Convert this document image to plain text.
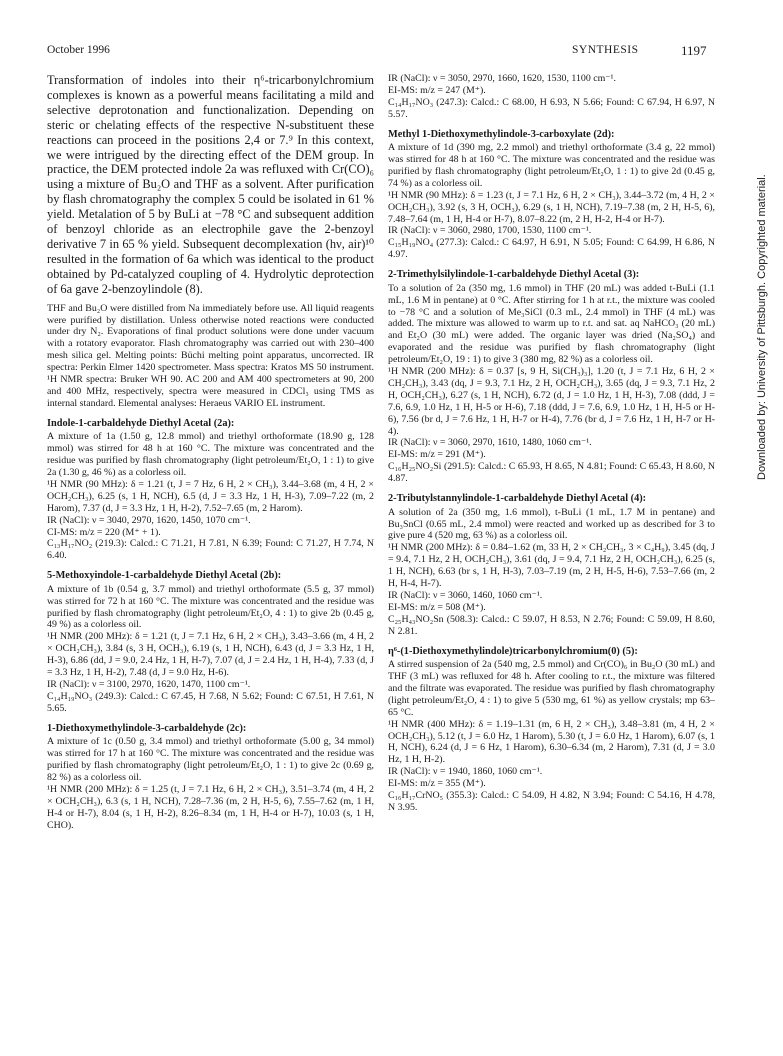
October 1996	SYNTHESIS	1197
Downloaded by: University of Pittsburgh. Copyrighted material.

Transformation of indoles into their η⁶-tricarbonylchromium complexes is known as a powerful means facilitating a mild and selective deprotonation and functionalization. Depending on steric or chelating effects of the respective N-substituent these reactions can proceed in the positions 2,4 or 7.⁹ In this context, we were intrigued by the directing effect of the DEM group. In practice, the DEM protected indole 2a was refluxed with Cr(CO)₆ using a mixture of Bu₂O and THF as a solvent. After purification by flash chromatography the complex 5 could be isolated in 61 % yield. Metalation of 5 by BuLi at −78 °C and subsequent addition of benzoyl chloride as an electrophile gave the 2-benzoyl derivative 7 in 65 % yield. Subsequent decomplexation (hν, air)¹⁰ resulted in the formation of 6a which was identical to the product obtained by Pd-catalyzed coupling of 4. Hydrolytic deprotection of 6a gave 2-benzoylindole (8).

THF and Bu₂O were distilled from Na immediately before use. All liquid reagents were purified by distillation. Unless otherwise noted reactions were conducted under dry N₂. Evaporations of final product solutions were done under vacuum with a rotatory evaporator. Flash chromatography was carried out with 230–400 mesh silica gel. Melting points: Büchi melting point apparatus, uncorrected. IR spectra: Perkin Elmer 1420 spectrometer. Mass spectra: Kratos MS 50 instrument. ¹H NMR spectra: Bruker WH 90. AC 200 and AM 400 spectrometers at 90, 200 and 400 MHz, respectively, spectra were measured in CDCl₃ using TMS as internal standard. Elemental analyses: Heraeus VARIO EL instrument.

Indole-1-carbaldehyde Diethyl Acetal (2a):

A mixture of 1a (1.50 g, 12.8 mmol) and triethyl orthoformate (18.90 g, 128 mmol) was stirred for 48 h at 160 °C. The mixture was concentrated and the residue was purified by flash chromatography (light petroleum/Et₂O, 1 : 1) to give 2a (1.30 g, 46 %) as a colorless oil.

¹H NMR (90 MHz): δ = 1.21 (t, J = 7 Hz, 6 H, 2 × CH₃), 3.44–3.68 (m, 4 H, 2 × OCH₂CH₃), 6.25 (s, 1 H, NCH), 6.5 (d, J = 3.3 Hz, 1 H, H-3), 7.09–7.22 (m, 2 Harom), 7.37 (d, J = 3.3 Hz, 1 H, H-2), 7.52–7.65 (m, 2 Harom).

IR (NaCl): ν = 3040, 2970, 1620, 1450, 1070 cm⁻¹.

CI-MS: m/z = 220 (M⁺ + 1).

C₁₃H₁₇NO₂ (219.3): Calcd.: C 71.21, H 7.81, N 6.39; Found: C 71.27, H 7.74, N 6.40.

5-Methoxyindole-1-carbaldehyde Diethyl Acetal (2b):

A mixture of 1b (0.54 g, 3.7 mmol) and triethyl orthoformate (5.5 g, 37 mmol) was stirred for 72 h at 160 °C. The mixture was concentrated and the residue was purified by flash chromatography (light petroleum/Et₂O, 4 : 1) to give 2b (0.45 g, 49 %) as a colorless oil.

¹H NMR (200 MHz): δ = 1.21 (t, J = 7.1 Hz, 6 H, 2 × CH₃), 3.43–3.66 (m, 4 H, 2 × OCH₂CH₃), 3.84 (s, 3 H, OCH₃), 6.19 (s, 1 H, NCH), 6.43 (d, J = 3.3 Hz, 1 H, H-3), 6.86 (dd, J = 9.0, 2.4 Hz, 1 H, H-7), 7.07 (d, J = 2.4 Hz, 1 H, H-4), 7.33 (d, J = 3.3 Hz, 1 H, H-2), 7.48 (d, J = 9.0 Hz, H-6).

IR (NaCl): ν = 3100, 2970, 1620, 1470, 1100 cm⁻¹.

C₁₄H₁₉NO₃ (249.3): Calcd.: C 67.45, H 7.68, N 5.62; Found: C 67.51, H 7.61, N 5.65.

1-Diethoxymethylindole-3-carbaldehyde (2c):

A mixture of 1c (0.50 g, 3.4 mmol) and triethyl orthoformate (5.00 g, 34 mmol) was stirred for 17 h at 160 °C. The mixture was concentrated and the residue was purified by flash chromatography (light petroleum/Et₂O, 1 : 1) to give 2c (0.69 g, 82 %) as a colorless oil.

¹H NMR (200 MHz): δ = 1.25 (t, J = 7.1 Hz, 6 H, 2 × CH₃), 3.51–3.74 (m, 4 H, 2 × OCH₂CH₃), 6.3 (s, 1 H, NCH), 7.28–7.36 (m, 2 H, H-5, 6), 7.55–7.62 (m, 1 H, H-4 or H-7), 8.04 (s, 1 H, H-2), 8.26–8.34 (m, 1 H, H-4 or H-7), 10.03 (s, 1 H, CHO).

IR (NaCl): ν = 3050, 2970, 1660, 1620, 1530, 1100 cm⁻¹.

EI-MS: m/z = 247 (M⁺).

C₁₄H₁₇NO₃ (247.3): Calcd.: C 68.00, H 6.93, N 5.66; Found: C 67.94, H 6.97, N 5.57.

Methyl 1-Diethoxymethylindole-3-carboxylate (2d):

A mixture of 1d (390 mg, 2.2 mmol) and triethyl orthoformate (3.4 g, 22 mmol) was stirred for 48 h at 160 °C. The mixture was concentrated and the residue was purified by flash chromatography (light petroleum/Et₂O, 1 : 1) to give 2d (0.45 g, 74 %) as a colorless oil.

¹H NMR (90 MHz): δ = 1.23 (t, J = 7.1 Hz, 6 H, 2 × CH₃), 3.44–3.72 (m, 4 H, 2 × OCH₂CH₃), 3.92 (s, 3 H, OCH₃), 6.29 (s, 1 H, NCH), 7.19–7.38 (m, 2 H, H-5, 6), 7.48–7.64 (m, 1 H, H-4 or H-7), 8.07–8.22 (m, 2 H, H-2, H-4 or H-7).

IR (NaCl): ν = 3060, 2980, 1700, 1530, 1100 cm⁻¹.

C₁₅H₁₉NO₄ (277.3): Calcd.: C 64.97, H 6.91, N 5.05; Found: C 64.99, H 6.86, N 4.97.

2-Trimethylsilylindole-1-carbaldehyde Diethyl Acetal (3):

To a solution of 2a (350 mg, 1.6 mmol) in THF (20 mL) was added t-BuLi (1.1 mL, 1.6 M in pentane) at 0 °C. After stirring for 1 h at r.t., the mixture was cooled to −78 °C and a solution of Me₃SiCl (0.3 mL, 2.4 mmol) in THF (4 mL) was added. The mixture was allowed to warm up to r.t. and sat. aq NaHCO₃ (20 mL) and Et₂O (30 mL) were added. The organic layer was dried (Na₂SO₄) and evaporated and the residue was purified by flash chromatography (light petroleum/Et₂O, 19 : 1) to give 3 (380 mg, 82 %) as a colorless oil.

¹H NMR (200 MHz): δ = 0.37 [s, 9 H, Si(CH₃)₃], 1.20 (t, J = 7.1 Hz, 6 H, 2 × CH₂CH₃), 3.43 (dq, J = 9.3, 7.1 Hz, 2 H, OCH₂CH₃), 3.65 (dq, J = 9.3, 7.1 Hz, 2 H, OCH₂CH₃), 6.27 (s, 1 H, NCH), 6.72 (d, J = 1.0 Hz, 1 H, H-3), 7.08 (ddd, J = 7.6, 6.9, 1.0 Hz, 1 H, H-5 or H-6), 7.18 (ddd, J = 7.6, 6.9, 1.0 Hz, 1 H, H-5 or H-6), 7.56 (br d, J = 7.6 Hz, 1 H, H-7 or H-4), 7.76 (br d, J = 7.6 Hz, 1 H, H-7 or H-4).

IR (NaCl): ν = 3060, 2970, 1610, 1480, 1060 cm⁻¹.

EI-MS: m/z = 291 (M⁺).

C₁₆H₂₅NO₂Si (291.5): Calcd.: C 65.93, H 8.65, N 4.81; Found: C 65.43, H 8.60, N 4.87.

2-Tributylstannylindole-1-carbaldehyde Diethyl Acetal (4):

A solution of 2a (350 mg, 1.6 mmol), t-BuLi (1 mL, 1.7 M in pentane) and Bu₃SnCl (0.65 mL, 2.4 mmol) were reacted and worked up as described for 3 to give pure 4 (520 mg, 63 %) as a colorless oil.

¹H NMR (200 MHz): δ = 0.84–1.62 (m, 33 H, 2 × CH₂CH₃, 3 × C₄H₉), 3.45 (dq, J = 9.4, 7.1 Hz, 2 H, OCH₂CH₃), 3.61 (dq, J = 9.4, 7.1 Hz, 2 H, OCH₂CH₃), 6.25 (s, 1 H, NCH), 6.63 (br s, 1 H, H-3), 7.03–7.19 (m, 2 H, H-5, H-6), 7.53–7.66 (m, 2 H, H-4, H-7).

IR (NaCl): ν = 3060, 1460, 1060 cm⁻¹.

EI-MS: m/z = 508 (M⁺).

C₂₅H₄₃NO₂Sn (508.3): Calcd.: C 59.07, H 8.53, N 2.76; Found: C 59.09, H 8.60, N 2.81.

η⁶-(1-Diethoxymethylindole)tricarbonylchromium(0) (5):

A stirred suspension of 2a (540 mg, 2.5 mmol) and Cr(CO)₆ in Bu₂O (30 mL) and THF (3 mL) was refluxed for 48 h. After cooling to r.t., the mixture was filtered and the filtrate was evaporated. The residue was purified by flash chromatography (light petroleum/Et₂O, 4 : 1) to give 5 (530 mg, 61 %) as yellow crystals; mp 63–65 °C.

¹H NMR (400 MHz): δ = 1.19–1.31 (m, 6 H, 2 × CH₃), 3.48–3.81 (m, 4 H, 2 × OCH₂CH₃), 5.12 (t, J = 6.0 Hz, 1 Harom), 5.30 (t, J = 6.0 Hz, 1 Harom), 6.07 (s, 1 H, NCH), 6.24 (d, J = 6 Hz, 1 Harom), 6.30–6.34 (m, 2 Harom), 7.31 (d, J = 3.0 Hz, 1 H, H-2).

IR (NaCl): ν = 1940, 1860, 1060 cm⁻¹.

EI-MS: m/z = 355 (M⁺).

C₁₆H₁₇CrNO₅ (355.3): Calcd.: C 54.09, H 4.82, N 3.94; Found: C 54.16, H 4.78, N 3.95.
